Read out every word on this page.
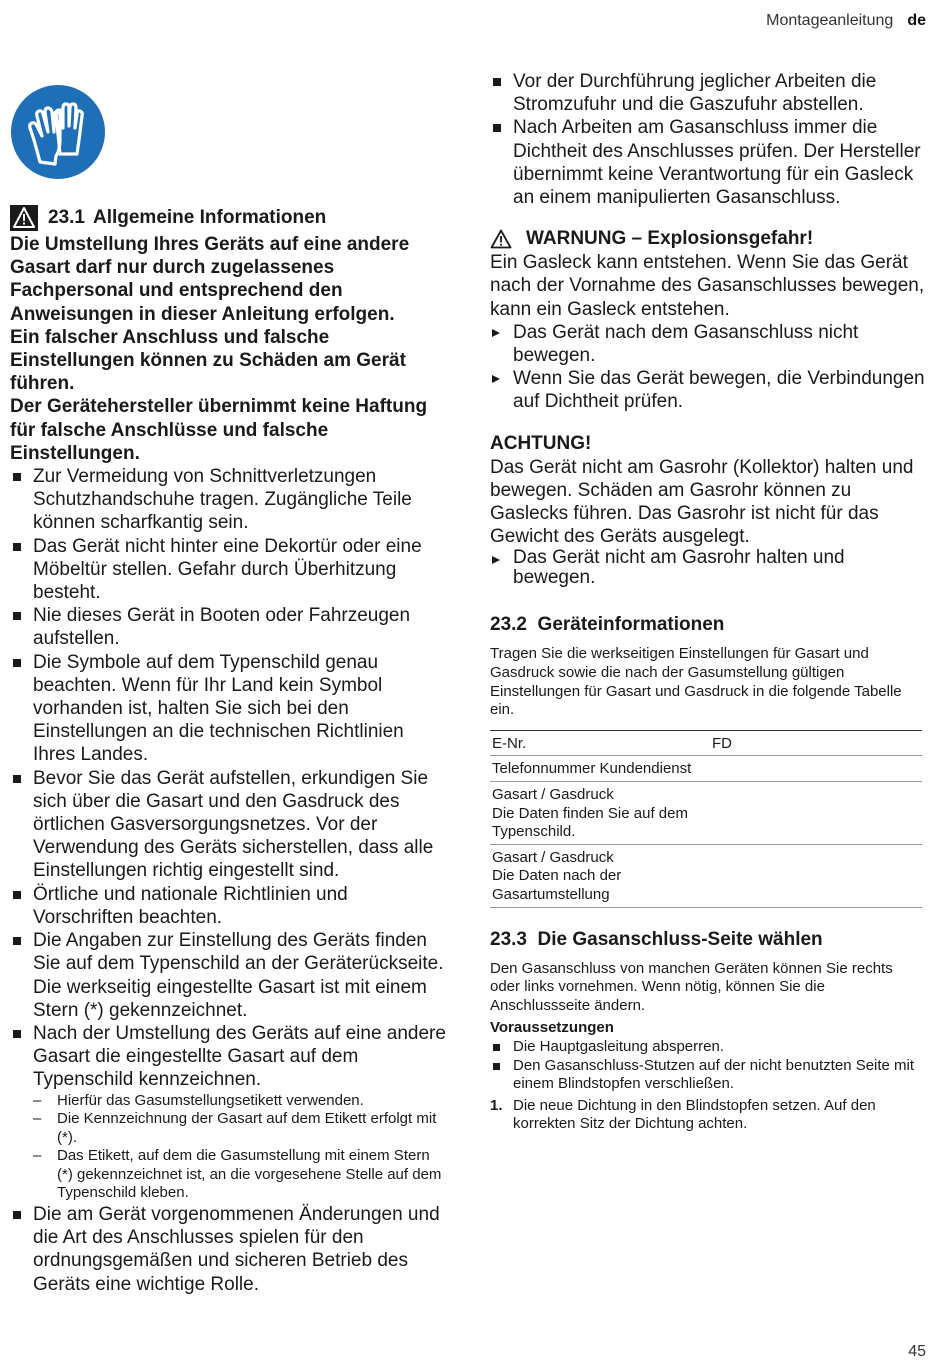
Montageanleitung de
23.1 Allgemeine Informationen

Die Umstellung Ihres Geräts auf eine andere Gasart darf nur durch zugelassenes Fachpersonal und entsprechend den Anweisungen in dieser Anleitung erfolgen.

Ein falscher Anschluss und falsche Einstellungen können zu Schäden am Gerät führen.

Der Gerätehersteller übernimmt keine Haftung für falsche Anschlüsse und falsche Einstellungen.

Zur Vermeidung von Schnittverletzungen Schutzhandschuhe tragen. Zugängliche Teile können scharfkantig sein.
Das Gerät nicht hinter eine Dekortür oder eine Möbeltür stellen. Gefahr durch Überhitzung besteht.
Nie dieses Gerät in Booten oder Fahrzeugen aufstellen.
Die Symbole auf dem Typenschild genau beachten. Wenn für Ihr Land kein Symbol vorhanden ist, halten Sie sich bei den Einstellungen an die technischen Richtlinien Ihres Landes.
Bevor Sie das Gerät aufstellen, erkundigen Sie sich über die Gasart und den Gasdruck des örtlichen Gasversorgungsnetzes. Vor der Verwendung des Geräts sicherstellen, dass alle Einstellungen richtig eingestellt sind.
Örtliche und nationale Richtlinien und Vorschriften beachten.
Die Angaben zur Einstellung des Geräts finden Sie auf dem Typenschild an der Geräterückseite. Die werkseitig eingestellte Gasart ist mit einem Stern (*) gekennzeichnet.
Nach der Umstellung des Geräts auf eine andere Gasart die eingestellte Gasart auf dem Typenschild kennzeichnen.
– Hierfür das Gasumstellungsetikett verwenden.
– Die Kennzeichnung der Gasart auf dem Etikett erfolgt mit (*).
– Das Etikett, auf dem die Gasumstellung mit einem Stern (*) gekennzeichnet ist, an die vorgesehene Stelle auf dem Typenschild kleben.
Die am Gerät vorgenommenen Änderungen und die Art des Anschlusses spielen für den ordnungsgemäßen und sicheren Betrieb des Geräts eine wichtige Rolle.
Vor der Durchführung jeglicher Arbeiten die Stromzufuhr und die Gaszufuhr abstellen.
Nach Arbeiten am Gasanschluss immer die Dichtheit des Anschlusses prüfen. Der Hersteller übernimmt keine Verantwortung für ein Gasleck an einem manipulierten Gasanschluss.
WARNUNG – Explosionsgefahr!

Ein Gasleck kann entstehen. Wenn Sie das Gerät nach der Vornahme des Gasanschlusses bewegen, kann ein Gasleck entstehen.

Das Gerät nach dem Gasanschluss nicht bewegen.
Wenn Sie das Gerät bewegen, die Verbindungen auf Dichtheit prüfen.
ACHTUNG!

Das Gerät nicht am Gasrohr (Kollektor) halten und bewegen. Schäden am Gasrohr können zu Gaslecks führen. Das Gasrohr ist nicht für das Gewicht des Geräts ausgelegt.

Das Gerät nicht am Gasrohr halten und bewegen.
23.2  Geräteinformationen

Tragen Sie die werkseitigen Einstellungen für Gasart und Gasdruck sowie die nach der Gasumstellung gültigen Einstellungen für Gasart und Gasdruck in die folgende Tabelle ein.

E-Nr.	FD
Telefonnummer Kundendienst	
Gasart / Gasdruck
Die Daten finden Sie auf dem Typenschild.	
Gasart / Gasdruck
Die Daten nach der Gasartumstellung	
23.3  Die Gasanschluss-Seite wählen

Den Gasanschluss von manchen Geräten können Sie rechts oder links vornehmen. Wenn nötig, können Sie die Anschlussseite ändern.

Voraussetzungen
Die Hauptgasleitung absperren.
Den Gasanschluss-Stutzen auf der nicht benutzten Seite mit einem Blindstopfen verschließen.
1. Die neue Dichtung in den Blindstopfen setzen. Auf den korrekten Sitz der Dichtung achten.
45
